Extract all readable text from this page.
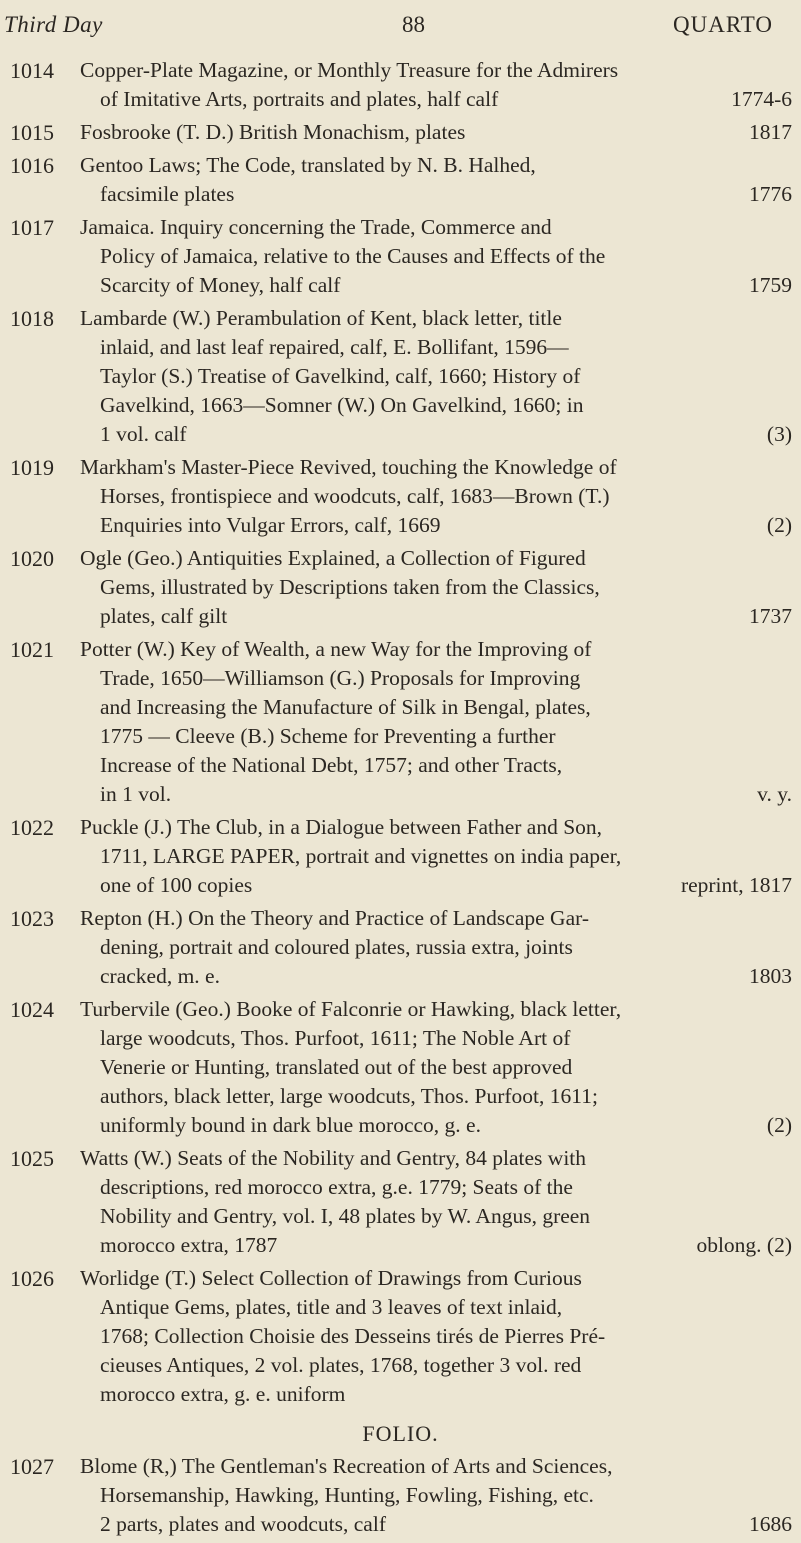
Third Day	88	QUARTO
1014	Copper-Plate Magazine, or Monthly Treasure for the Admirers
of Imitative Arts, portraits and plates, half calf	1774-6
1015	Fosbrooke (T. D.) British Monachism, plates	1817
1016	Gentoo Laws; The Code, translated by N. B. Halhed,
facsimile plates	1776
1017	Jamaica. Inquiry concerning the Trade, Commerce and
Policy of Jamaica, relative to the Causes and Effects of the
Scarcity of Money, half calf	1759
1018	Lambarde (W.) Perambulation of Kent, black letter, title
inlaid, and last leaf repaired, calf, E. Bollifant, 1596—
Taylor (S.) Treatise of Gavelkind, calf, 1660; History of
Gavelkind, 1663—Somner (W.) On Gavelkind, 1660; in
1 vol. calf	(3)
1019	Markham's Master-Piece Revived, touching the Knowledge of
Horses, frontispiece and woodcuts, calf, 1683—Brown (T.)
Enquiries into Vulgar Errors, calf, 1669	(2)
1020	Ogle (Geo.) Antiquities Explained, a Collection of Figured
Gems, illustrated by Descriptions taken from the Classics,
plates, calf gilt	1737
1021	Potter (W.) Key of Wealth, a new Way for the Improving of
Trade, 1650—Williamson (G.) Proposals for Improving
and Increasing the Manufacture of Silk in Bengal, plates,
1775 — Cleeve (B.) Scheme for Preventing a further
Increase of the National Debt, 1757; and other Tracts,
in 1 vol.	v. y.
1022	Puckle (J.) The Club, in a Dialogue between Father and Son,
1711, LARGE PAPER, portrait and vignettes on india paper,
one of 100 copies	reprint, 1817
1023	Repton (H.) On the Theory and Practice of Landscape Gar-
dening, portrait and coloured plates, russia extra, joints
cracked, m. e.	1803
1024	Turbervile (Geo.) Booke of Falconrie or Hawking, black letter,
large woodcuts, Thos. Purfoot, 1611; The Noble Art of
Venerie or Hunting, translated out of the best approved
authors, black letter, large woodcuts, Thos. Purfoot, 1611;
uniformly bound in dark blue morocco, g. e.	(2)
1025	Watts (W.) Seats of the Nobility and Gentry, 84 plates with
descriptions, red morocco extra, g.e. 1779; Seats of the
Nobility and Gentry, vol. I, 48 plates by W. Angus, green
morocco extra, 1787	oblong. (2)
1026	Worlidge (T.) Select Collection of Drawings from Curious
Antique Gems, plates, title and 3 leaves of text inlaid,
1768; Collection Choisie des Desseins tirés de Pierres Pré-
cieuses Antiques, 2 vol. plates, 1768, together 3 vol. red
morocco extra, g. e. uniform
FOLIO.
1027	Blome (R,) The Gentleman's Recreation of Arts and Sciences,
Horsemanship, Hawking, Hunting, Fowling, Fishing, etc.
2 parts, plates and woodcuts, calf	1686
